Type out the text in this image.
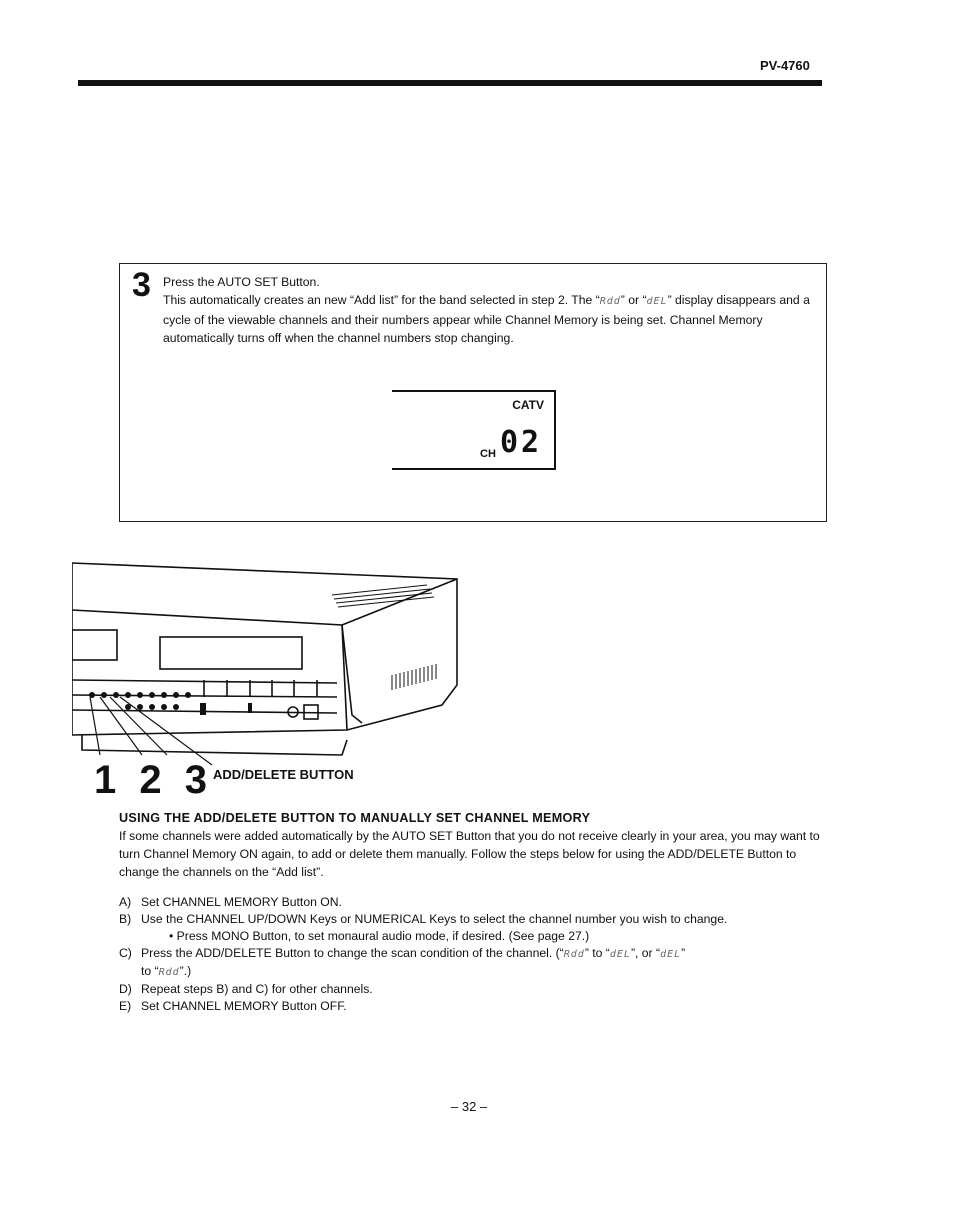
PV-4760
3 Press the AUTO SET Button.
This automatically creates an new “Add list” for the band selected in step 2. The “Rdd” or “dEL” display disappears and a cycle of the viewable channels and their numbers appear while Channel Memory is being set. Channel Memory automatically turns off when the channel numbers stop changing.
CATV
CH 02
1 2 3 ADD/DELETE BUTTON
USING THE ADD/DELETE BUTTON TO MANUALLY SET CHANNEL MEMORY
If some channels were added automatically by the AUTO SET Button that you do not receive clearly in your area, you may want to turn Channel Memory ON again, to add or delete them manually. Follow the steps below for using the ADD/DELETE Button to change the channels on the “Add list”.
A) Set CHANNEL MEMORY Button ON.
B) Use the CHANNEL UP/DOWN Keys or NUMERICAL Keys to select the channel number you wish to change.
• Press MONO Button, to set monaural audio mode, if desired. (See page 27.)
C) Press the ADD/DELETE Button to change the scan condition of the channel. (“Rdd” to “dEL”, or “dEL”
to “Rdd”.)
D) Repeat steps B) and C) for other channels.
E) Set CHANNEL MEMORY Button OFF.
– 32 –
